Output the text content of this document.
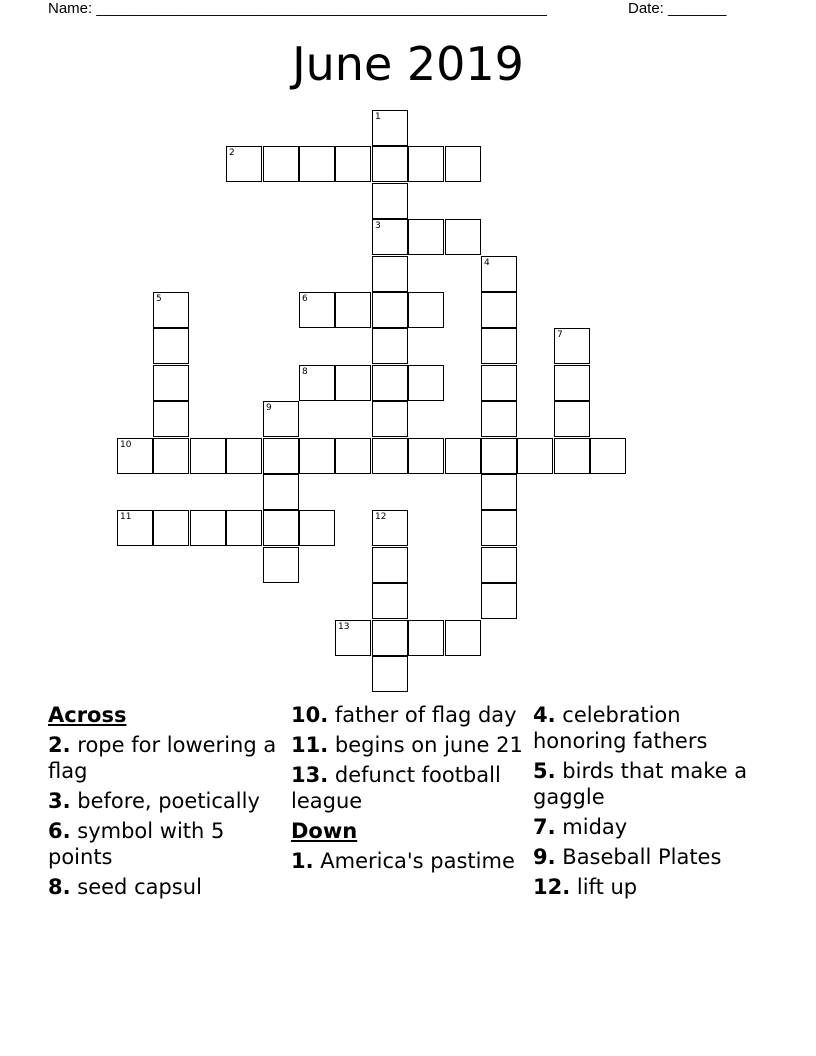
Name: ______________________________________________________	Date: _______
June 2019
1
3
2
4
5	6
7
8
9
10
11	12
13
Across
2. rope for lowering a flag
3. before, poetically
6. symbol with 5 points
8. seed capsul
10. father of flag day
11. begins on june 21
13. defunct football league
Down
1. America's pastime
4. celebration honoring fathers
5. birds that make a gaggle
7. miday
9. Baseball Plates
12. lift up
